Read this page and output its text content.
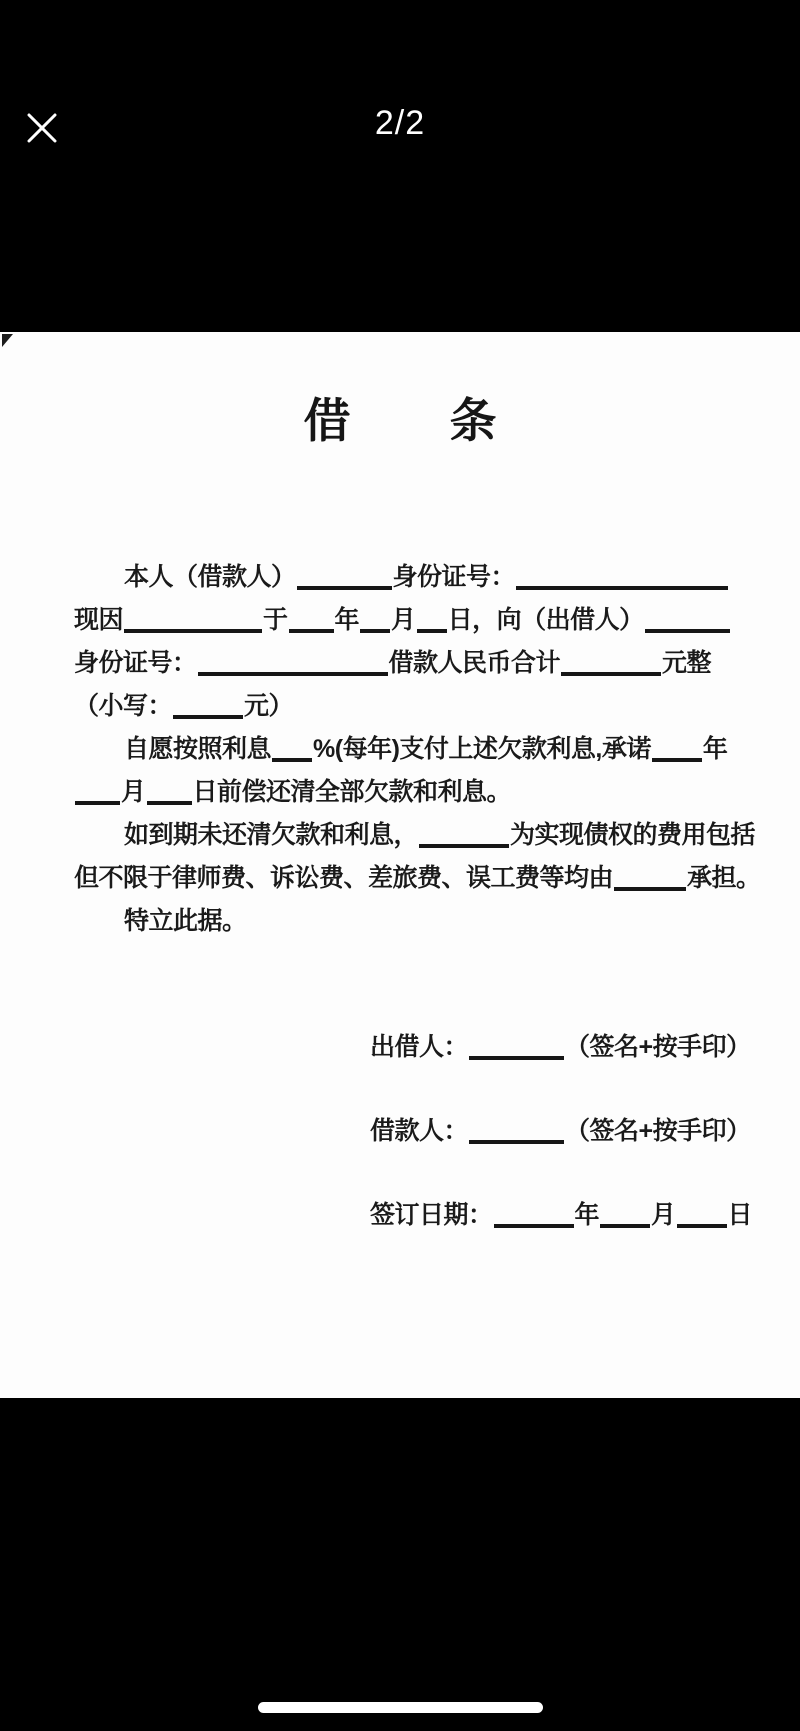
2/2
借　条
本人（借款人）	身份证号：
现因	于 年 月 日，向（出借人）
身份证号：	借款人民币合计	元整
（小写：	元）
自愿按照利息 %(每年)支付上述欠款利息,承诺 年
月 日前偿还清全部欠款和利息。
如到期未还清欠款和利息，	为实现债权的费用包括
但不限于律师费、诉讼费、差旅费、误工费等均由	承担。
特立此据。
出借人：	（签名+按手印）
借款人：	（签名+按手印）
签订日期：	年 月 日
